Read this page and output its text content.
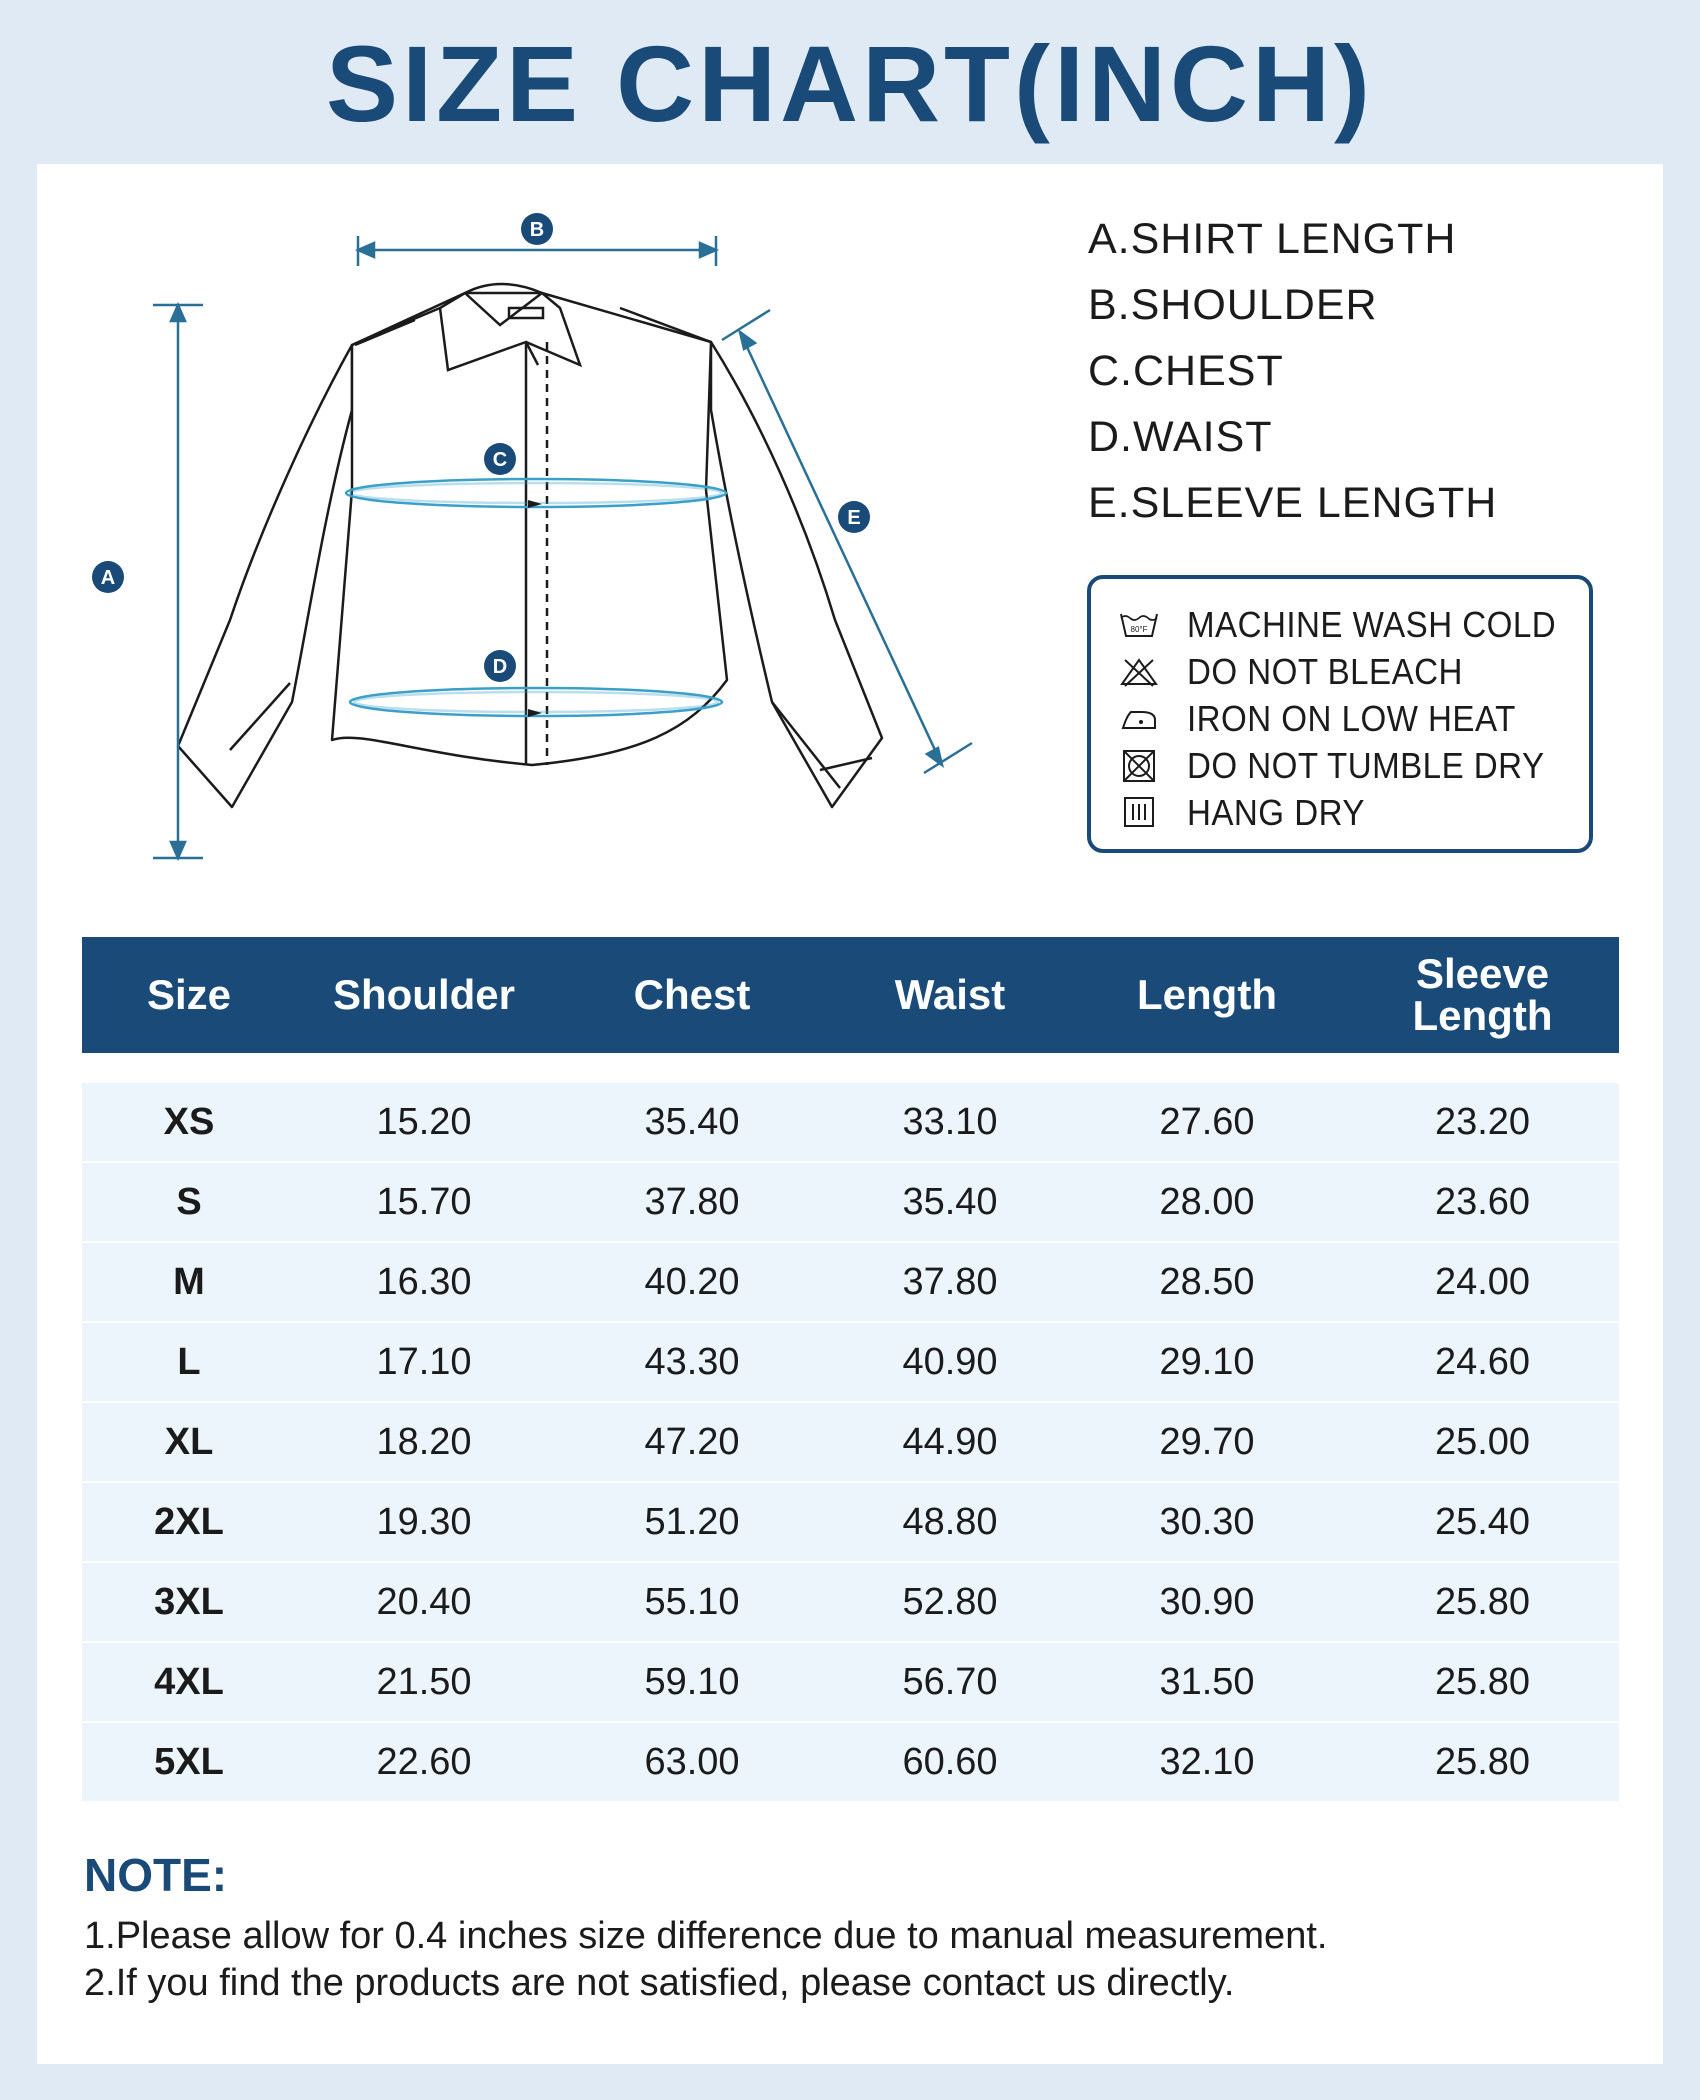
SIZE CHART(INCH)
A
B
C
D
E
A.SHIRT LENGTH
B.SHOULDER
C.CHEST
D.WAIST
E.SLEEVE LENGTH
80°F MACHINE WASH COLD
DO NOT BLEACH
IRON ON LOW HEAT
DO NOT TUMBLE DRY
HANG DRY
Size	Shoulder	Chest	Waist	Length	Sleeve
Length
XS	15.20	35.40	33.10	27.60	23.20
S	15.70	37.80	35.40	28.00	23.60
M	16.30	40.20	37.80	28.50	24.00
L	17.10	43.30	40.90	29.10	24.60
XL	18.20	47.20	44.90	29.70	25.00
2XL	19.30	51.20	48.80	30.30	25.40
3XL	20.40	55.10	52.80	30.90	25.80
4XL	21.50	59.10	56.70	31.50	25.80
5XL	22.60	63.00	60.60	32.10	25.80

NOTE:

1.Please allow for 0.4 inches size difference due to manual measurement.

2.If you find the products are not satisfied, please contact us directly.
